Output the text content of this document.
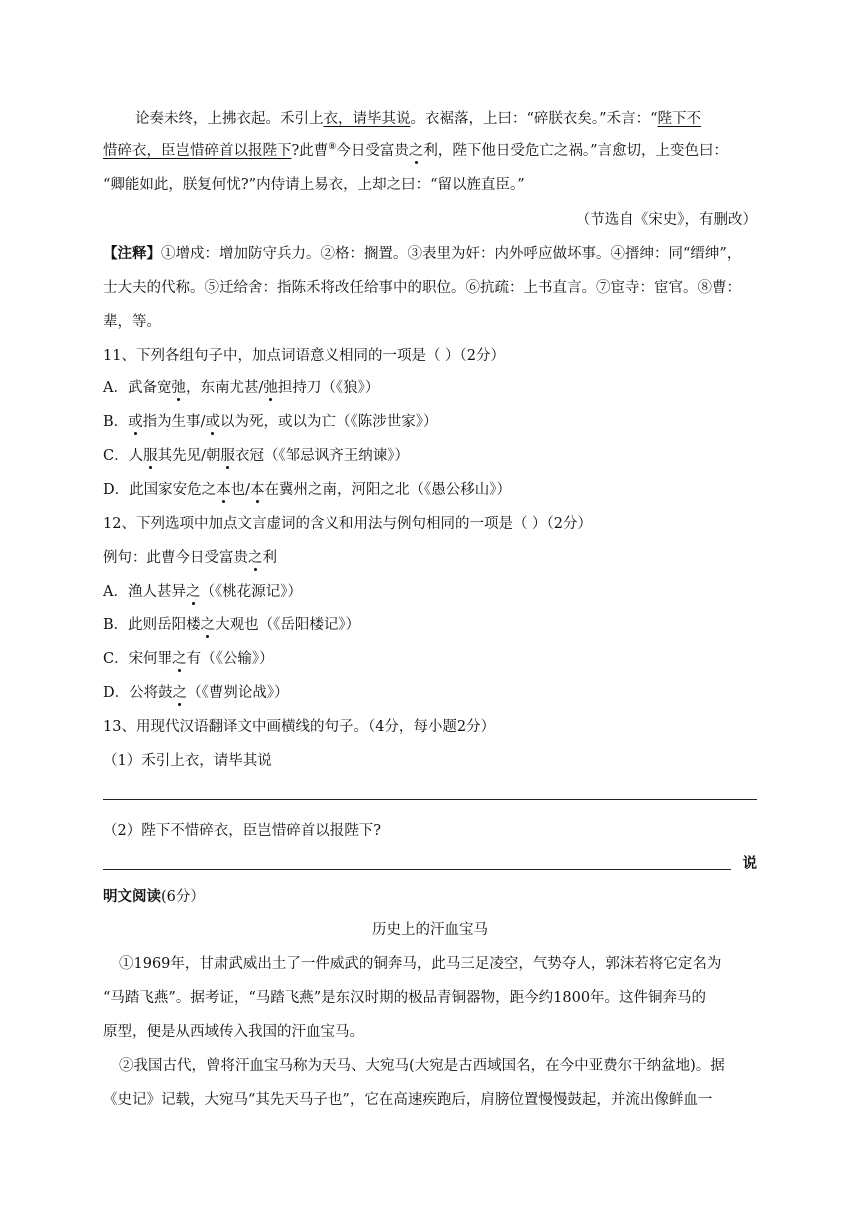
论奏未终，上拂衣起。禾引上衣，请毕其说。衣裾落，上曰：“碎朕衣矣。”禾言：“陛下不
惜碎衣，臣岂惜碎首以报陛下?此曹⑧今日受富贵之利，陛下他日受危亡之祸。”言愈切，上变色曰：
“卿能如此，朕复何忧?”内侍请上易衣，上却之曰：“留以旌直臣。”
（节选自《宋史》，有删改）
【注释】①增戍：增加防守兵力。②格：搁置。③表里为奸：内外呼应做坏事。④搢绅：同“缙绅”，
士大夫的代称。⑤迁给舍：指陈禾将改任给事中的职位。⑥抗疏：上书直言。⑦宦寺：宦官。⑧曹：
辈，等。
11、下列各组句子中，加点词语意义相同的一项是（ ）（2分）
A．武备宽弛，东南尤甚/弛担持刀（《狼》）
B．或指为生事/或以为死，或以为亡（《陈涉世家》）
C．人服其先见/朝服衣冠（《邹忌讽齐王纳谏》）
D．此国家安危之本也/本在冀州之南，河阳之北（《愚公移山》）
12、下列选项中加点文言虚词的含义和用法与例句相同的一项是（ ）（2分）
例句：此曹今日受富贵之利
A．渔人甚异之（《桃花源记》）
B．此则岳阳楼之大观也（《岳阳楼记》）
C．宋何罪之有（《公输》）
D．公将鼓之（《曹刿论战》）
13、用现代汉语翻译文中画横线的句子。（4分，每小题2分）
（1）禾引上衣，请毕其说
（2）陛下不惜碎衣，臣岂惜碎首以报陛下?
说
明文阅读(6分）
历史上的汗血宝马
①1969年，甘肃武威出土了一件威武的铜奔马，此马三足凌空，气势夺人，郭沫若将它定名为
“马踏飞燕”。据考证，“马踏飞燕”是东汉时期的极品青铜器物，距今约1800年。这件铜奔马的
原型，便是从西域传入我国的汗血宝马。
②我国古代，曾将汗血宝马称为天马、大宛马(大宛是古西域国名，在今中亚费尔干纳盆地)。据
《史记》记载，大宛马“其先天马子也”，它在高速疾跑后，肩膀位置慢慢鼓起，并流出像鲜血一
